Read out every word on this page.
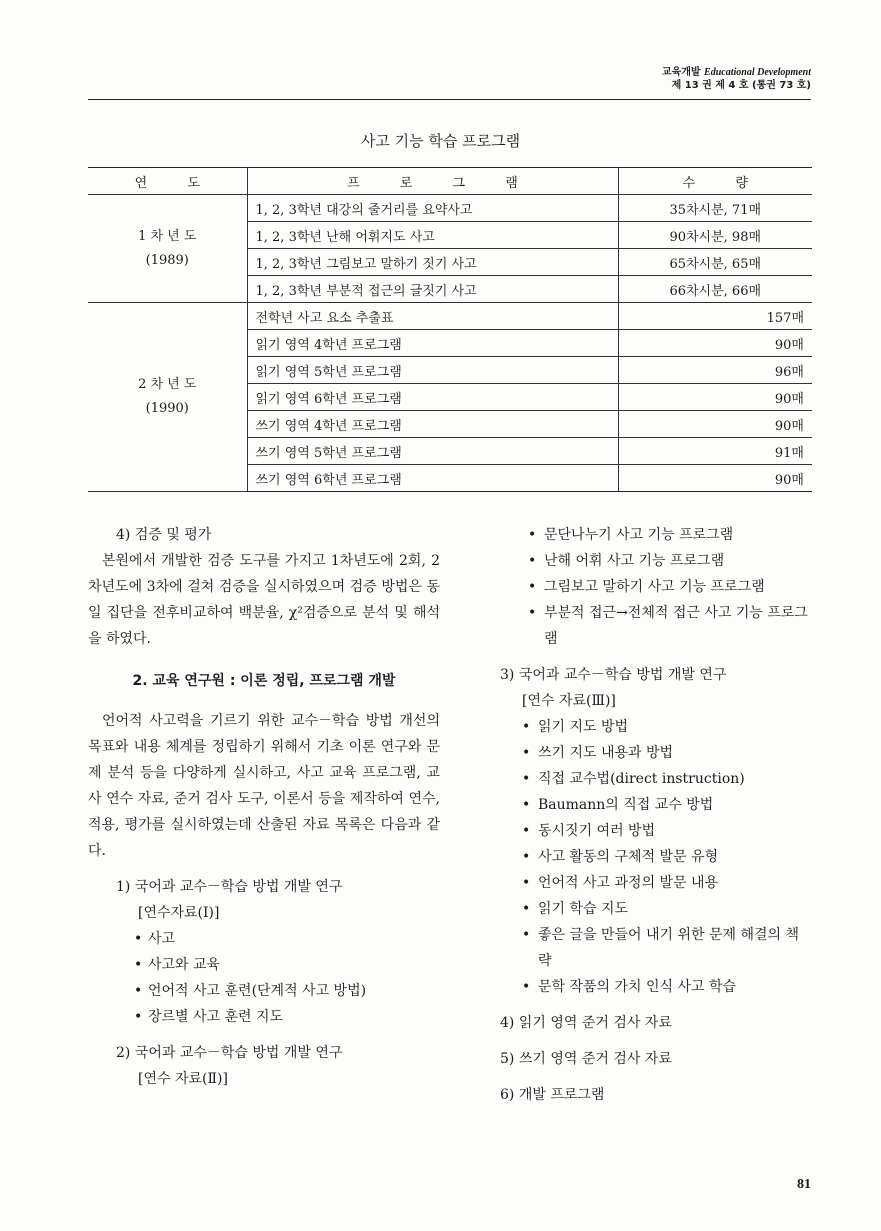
교육개발 Educational Development
제 13 권 제 4 호 (통권 73 호)
사고 기능 학습 프로그램
연 도	프 로 그 램	수 량

1 차 년 도
(1989)	1, 2, 3학년 대강의 줄거리를 요약사고	35차시분, 71매
	1, 2, 3학년 난해 어휘지도 사고	90차시분, 98매
	1, 2, 3학년 그림보고 말하기 짓기 사고	65차시분, 65매
	1, 2, 3학년 부분적 접근의 글짓기 사고	66차시분, 66매

2 차 년 도
(1990)	전학년 사고 요소 추출표	157매
	읽기 영역 4학년 프로그램	90매
	읽기 영역 5학년 프로그램	96매
	읽기 영역 6학년 프로그램	90매
	쓰기 영역 4학년 프로그램	90매
	쓰기 영역 5학년 프로그램	91매
	쓰기 영역 6학년 프로그램	90매

4) 검증 및 평가

본원에서 개발한 검증 도구를 가지고 1차년도에 2회, 2차년도에 3차에 걸쳐 검증을 실시하였으며 검증 방법은 동일 집단을 전후비교하여 백분율, χ²검증으로 분석 및 해석을 하였다.

2. 교육 연구원 : 이론 정립, 프로그램 개발

언어적 사고력을 기르기 위한 교수－학습 방법 개선의 목표와 내용 체계를 정립하기 위해서 기초 이론 연구와 문제 분석 등을 다양하게 실시하고, 사고 교육 프로그램, 교사 연수 자료, 준거 검사 도구, 이론서 등을 제작하여 연수, 적용, 평가를 실시하였는데 산출된 자료 목록은 다음과 같다.

1) 국어과 교수－학습 방법 개발 연구

[연수자료(Ⅰ)]

• 사고

• 사고와 교육

• 언어적 사고 훈련(단계적 사고 방법)

• 장르별 사고 훈련 지도

2) 국어과 교수－학습 방법 개발 연구

[연수 자료(Ⅱ)]

• 문단나누기 사고 기능 프로그램

• 난해 어휘 사고 기능 프로그램

• 그림보고 말하기 사고 기능 프로그램

• 부분적 접근→전체적 접근 사고 기능 프로그램

3) 국어과 교수－학습 방법 개발 연구

[연수 자료(Ⅲ)]

• 읽기 지도 방법

• 쓰기 지도 내용과 방법

• 직접 교수법(direct instruction)

• Baumann의 직접 교수 방법

• 동시짓기 여러 방법

• 사고 활동의 구체적 발문 유형

• 언어적 사고 과정의 발문 내용

• 읽기 학습 지도

• 좋은 글을 만들어 내기 위한 문제 해결의 책략

• 문학 작품의 가치 인식 사고 학습

4) 읽기 영역 준거 검사 자료

5) 쓰기 영역 준거 검사 자료

6) 개발 프로그램

81
